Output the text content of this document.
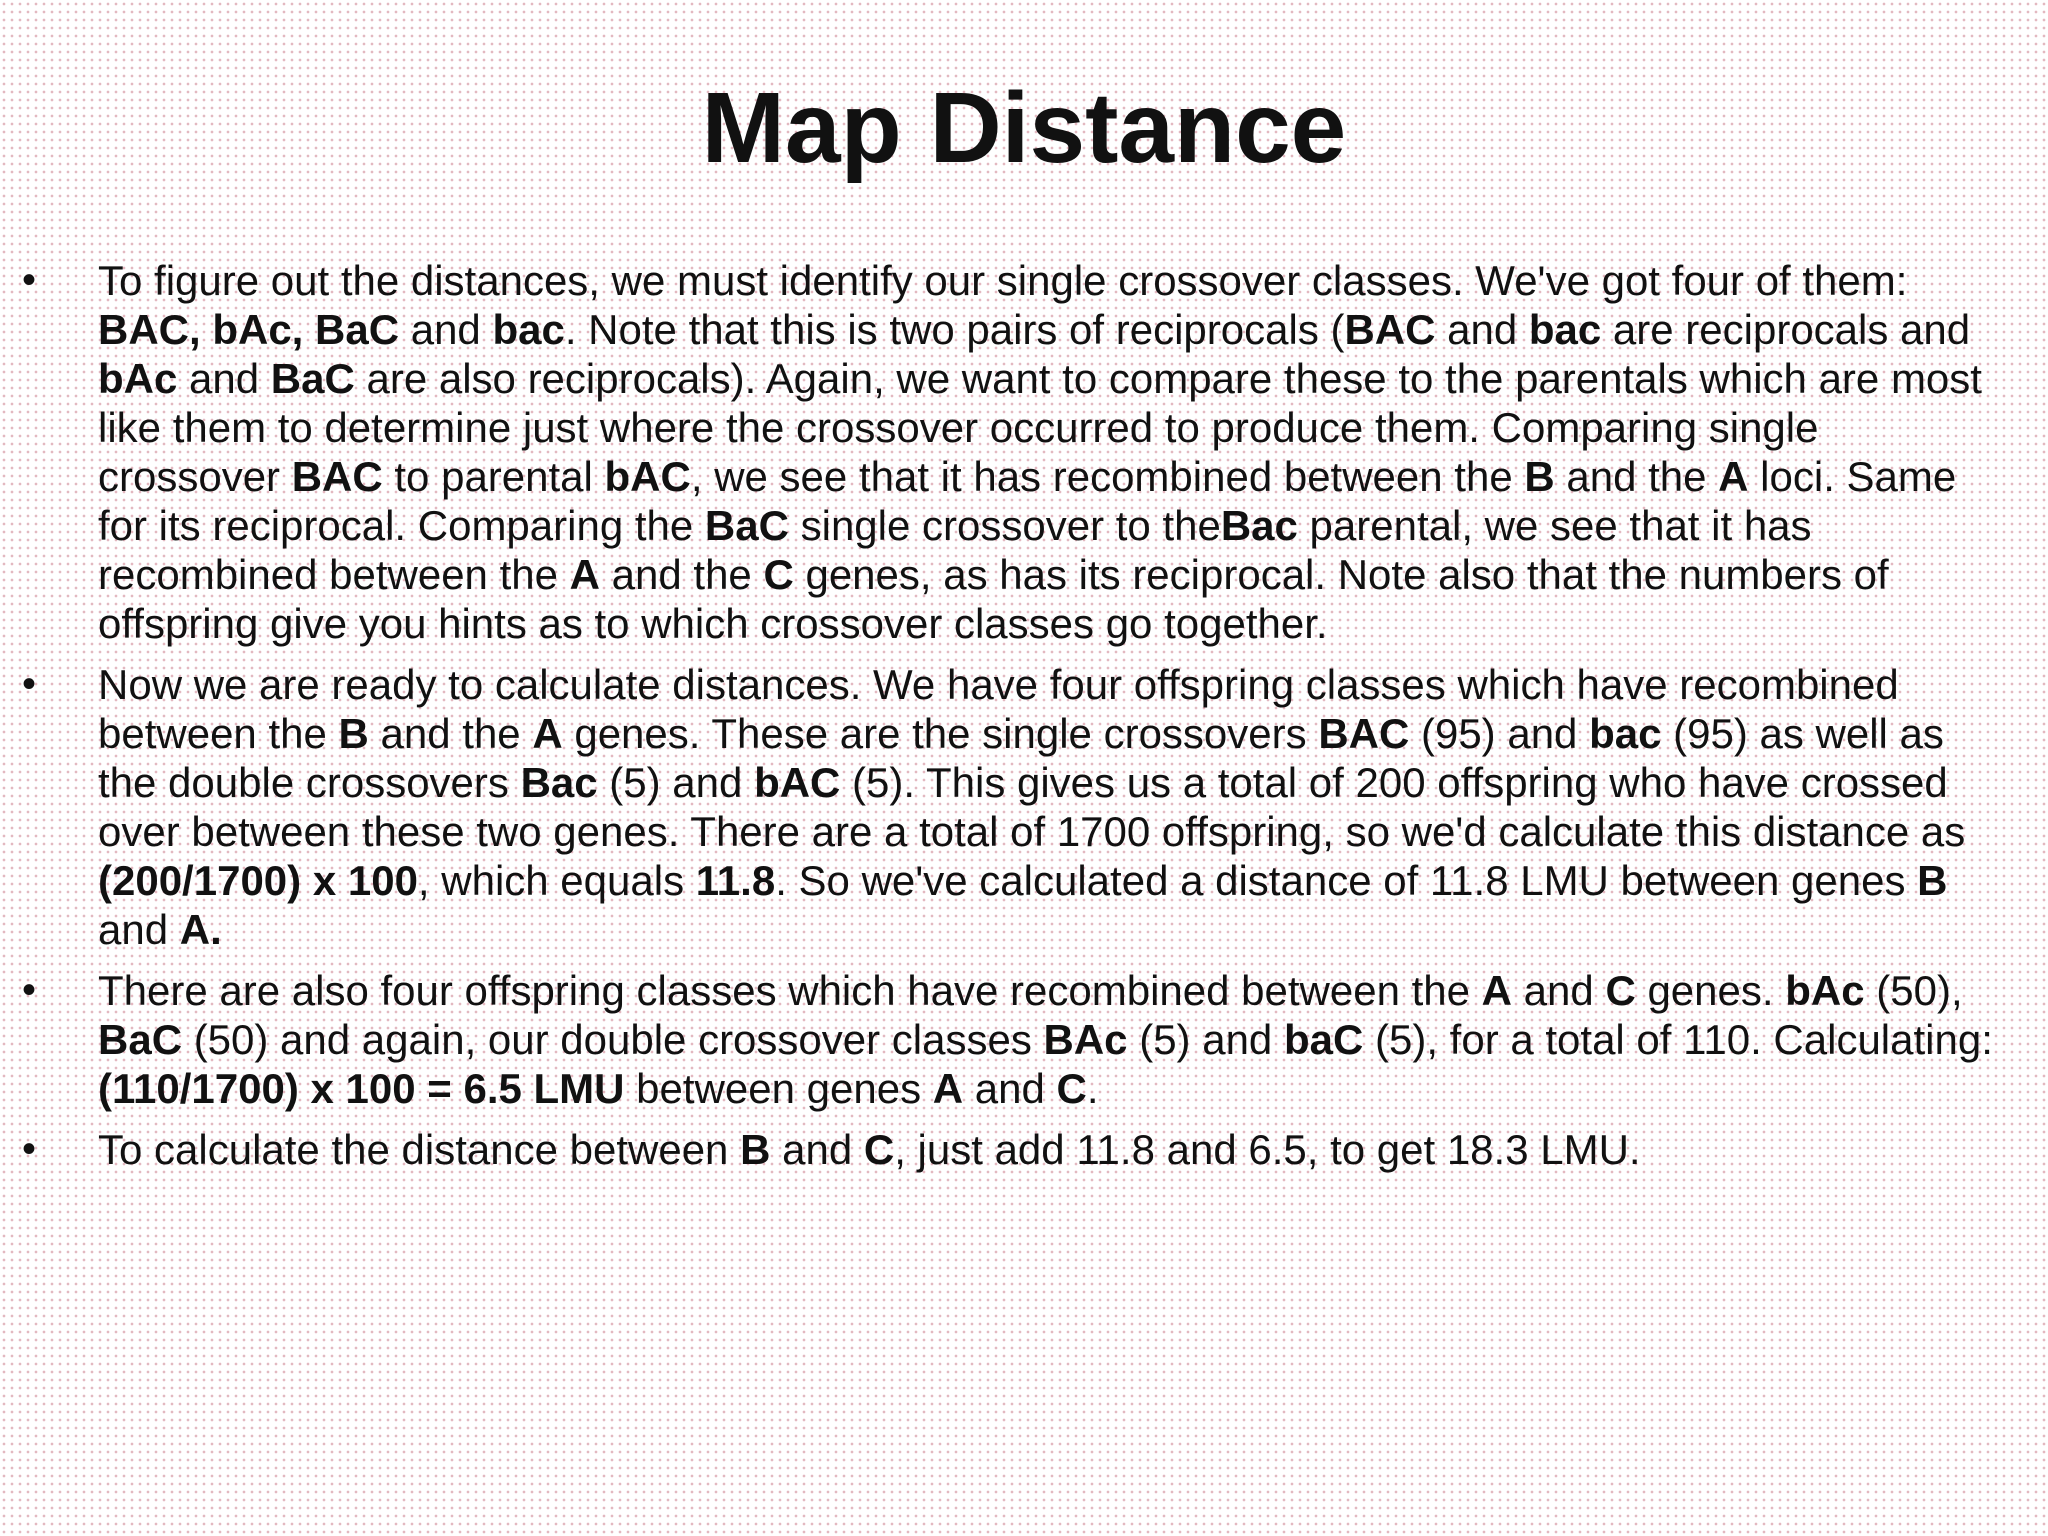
Map Distance
•	To figure out the distances, we must identify our single crossover classes. We've got four of them: BAC, bAc, BaC and bac. Note that this is two pairs of reciprocals (BAC and bac are reciprocals and bAc and BaC are also reciprocals). Again, we want to compare these to the parentals which are most like them to determine just where the crossover occurred to produce them. Comparing single crossover BAC to parental bAC, we see that it has recombined between the B and the A loci. Same for its reciprocal. Comparing the BaC single crossover to theBac parental, we see that it has recombined between the A and the C genes, as has its reciprocal. Note also that the numbers of offspring give you hints as to which crossover classes go together.
•	Now we are ready to calculate distances. We have four offspring classes which have recombined between the B and the A genes. These are the single crossovers BAC (95) and bac (95) as well as the double crossovers Bac (5) and bAC (5). This gives us a total of 200 offspring who have crossed over between these two genes. There are a total of 1700 offspring, so we'd calculate this distance as (200/1700) x 100, which equals 11.8. So we've calculated a distance of 11.8 LMU between genes B and A.
•	There are also four offspring classes which have recombined between the A and C genes. bAc (50), BaC (50) and again, our double crossover classes BAc (5) and baC (5), for a total of 110. Calculating: (110/1700) x 100 = 6.5 LMU between genes A and C.
•	To calculate the distance between B and C, just add 11.8 and 6.5, to get 18.3 LMU.
